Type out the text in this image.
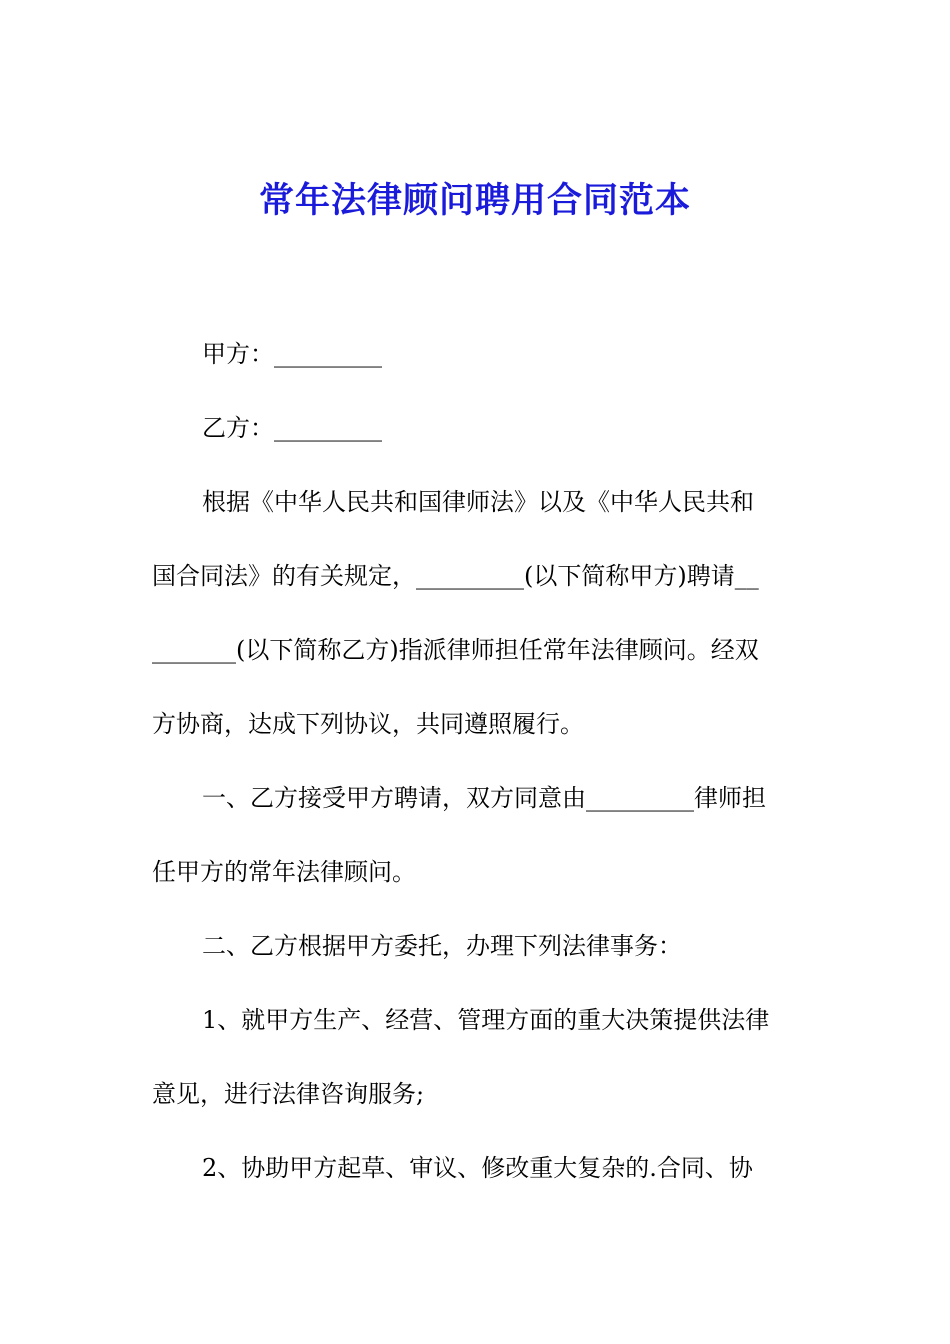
常年法律顾问聘用合同范本
甲方：_________
乙方：_________
根据《中华人民共和国律师法》以及《中华人民共和
国合同法》的有关规定，_________(以下简称甲方)聘请__
_______(以下简称乙方)指派律师担任常年法律顾问。经双
方协商，达成下列协议，共同遵照履行。
一、乙方接受甲方聘请，双方同意由_________律师担
任甲方的常年法律顾问。
二、乙方根据甲方委托，办理下列法律事务：
1、就甲方生产、经营、管理方面的重大决策提供法律
意见，进行法律咨询服务;
2、协助甲方起草、审议、修改重大复杂的.合同、协
